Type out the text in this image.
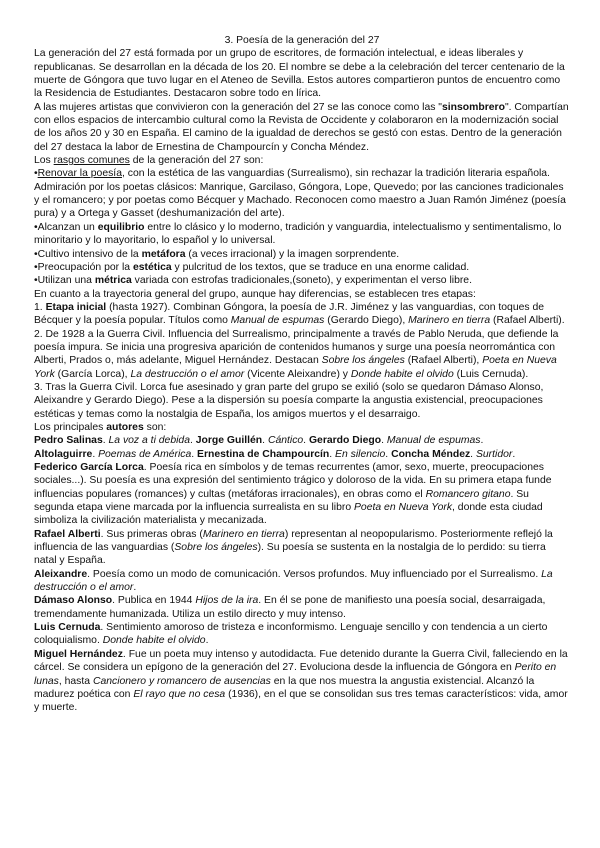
3. Poesía de la generación del 27

La generación del 27 está formada por un grupo de escritores, de formación intelectual, e ideas liberales y republicanas. Se desarrollan en la década de los 20. El nombre se debe a la celebración del tercer centenario de la muerte de Góngora que tuvo lugar en el Ateneo de Sevilla. Estos autores compartieron puntos de encuentro como la Residencia de Estudiantes. Destacaron sobre todo en lírica.

A las mujeres artistas que convivieron con la generación del 27 se las conoce como las "sinsombrero". Compartían con ellos espacios de intercambio cultural como la Revista de Occidente y colaboraron en la modernización social de los años 20 y 30 en España. El camino de la igualdad de derechos se gestó con estas. Dentro de la generación del 27 destaca la labor de Ernestina de Champourcín y Concha Méndez.

Los rasgos comunes de la generación del 27 son:

•Renovar la poesía, con la estética de las vanguardias (Surrealismo), sin rechazar la tradición literaria española. Admiración por los poetas clásicos: Manrique, Garcilaso, Góngora, Lope, Quevedo; por las canciones tradicionales y el romancero; y por poetas como Bécquer y Machado. Reconocen como maestro a Juan Ramón Jiménez (poesía pura) y a Ortega y Gasset (deshumanización del arte).

•Alcanzan un equilibrio entre lo clásico y lo moderno, tradición y vanguardia, intelectualismo y sentimentalismo, lo minoritario y lo mayoritario, lo español y lo universal.

•Cultivo intensivo de la metáfora (a veces irracional) y la imagen sorprendente.

•Preocupación por la estética y pulcritud de los textos, que se traduce en una enorme calidad.

•Utilizan una métrica variada con estrofas tradicionales,(soneto), y experimentan el verso libre.

En cuanto a la trayectoria general del grupo, aunque hay diferencias, se establecen tres etapas:

1. Etapa inicial (hasta 1927). Combinan Góngora, la poesía de J.R. Jiménez y las vanguardias, con toques de Bécquer y la poesía popular. Títulos como Manual de espumas (Gerardo Diego), Marinero en tierra (Rafael Alberti).

2. De 1928 a la Guerra Civil. Influencia del Surrealismo, principalmente a través de Pablo Neruda, que defiende la poesía impura. Se inicia una progresiva aparición de contenidos humanos y surge una poesía neorromántica con Alberti, Prados o, más adelante, Miguel Hernández. Destacan Sobre los ángeles (Rafael Alberti), Poeta en Nueva York (García Lorca), La destrucción o el amor (Vicente Aleixandre) y Donde habite el olvido (Luis Cernuda).

3. Tras la Guerra Civil. Lorca fue asesinado y gran parte del grupo se exilió (solo se quedaron Dámaso Alonso, Aleixandre y Gerardo Diego). Pese a la dispersión su poesía comparte la angustia existencial, preocupaciones estéticas y temas como la nostalgia de España, los amigos muertos y el desarraigo.

Los principales autores son:

Pedro Salinas. La voz a ti debida. Jorge Guillén. Cántico. Gerardo Diego. Manual de espumas.

Altolaguirre. Poemas de América. Ernestina de Champourcín. En silencio. Concha Méndez. Surtidor.

Federico García Lorca. Poesía rica en símbolos y de temas recurrentes (amor, sexo, muerte, preocupaciones sociales...). Su poesía es una expresión del sentimiento trágico y doloroso de la vida. En su primera etapa funde influencias populares (romances) y cultas (metáforas irracionales), en obras como el Romancero gitano. Su segunda etapa viene marcada por la influencia surrealista en su libro Poeta en Nueva York, donde esta ciudad simboliza la civilización materialista y mecanizada.

Rafael Alberti. Sus primeras obras (Marinero en tierra) representan al neopopularismo. Posteriormente reflejó la influencia de las vanguardias (Sobre los ángeles). Su poesía se sustenta en la nostalgia de lo perdido: su tierra natal y España.

Aleixandre. Poesía como un modo de comunicación. Versos profundos. Muy influenciado por el Surrealismo. La destrucción o el amor.

Dámaso Alonso. Publica en 1944 Hijos de la ira. En él se pone de manifiesto una poesía social, desarraigada, tremendamente humanizada. Utiliza un estilo directo y muy intenso.

Luis Cernuda. Sentimiento amoroso de tristeza e inconformismo. Lenguaje sencillo y con tendencia a un cierto coloquialismo. Donde habite el olvido.

Miguel Hernández. Fue un poeta muy intenso y autodidacta. Fue detenido durante la Guerra Civil, falleciendo en la cárcel. Se considera un epígono de la generación del 27. Evoluciona desde la influencia de Góngora en Perito en lunas, hasta Cancionero y romancero de ausencias en la que nos muestra la angustia existencial. Alcanzó la madurez poética con El rayo que no cesa (1936), en el que se consolidan sus tres temas característicos: vida, amor y muerte.
